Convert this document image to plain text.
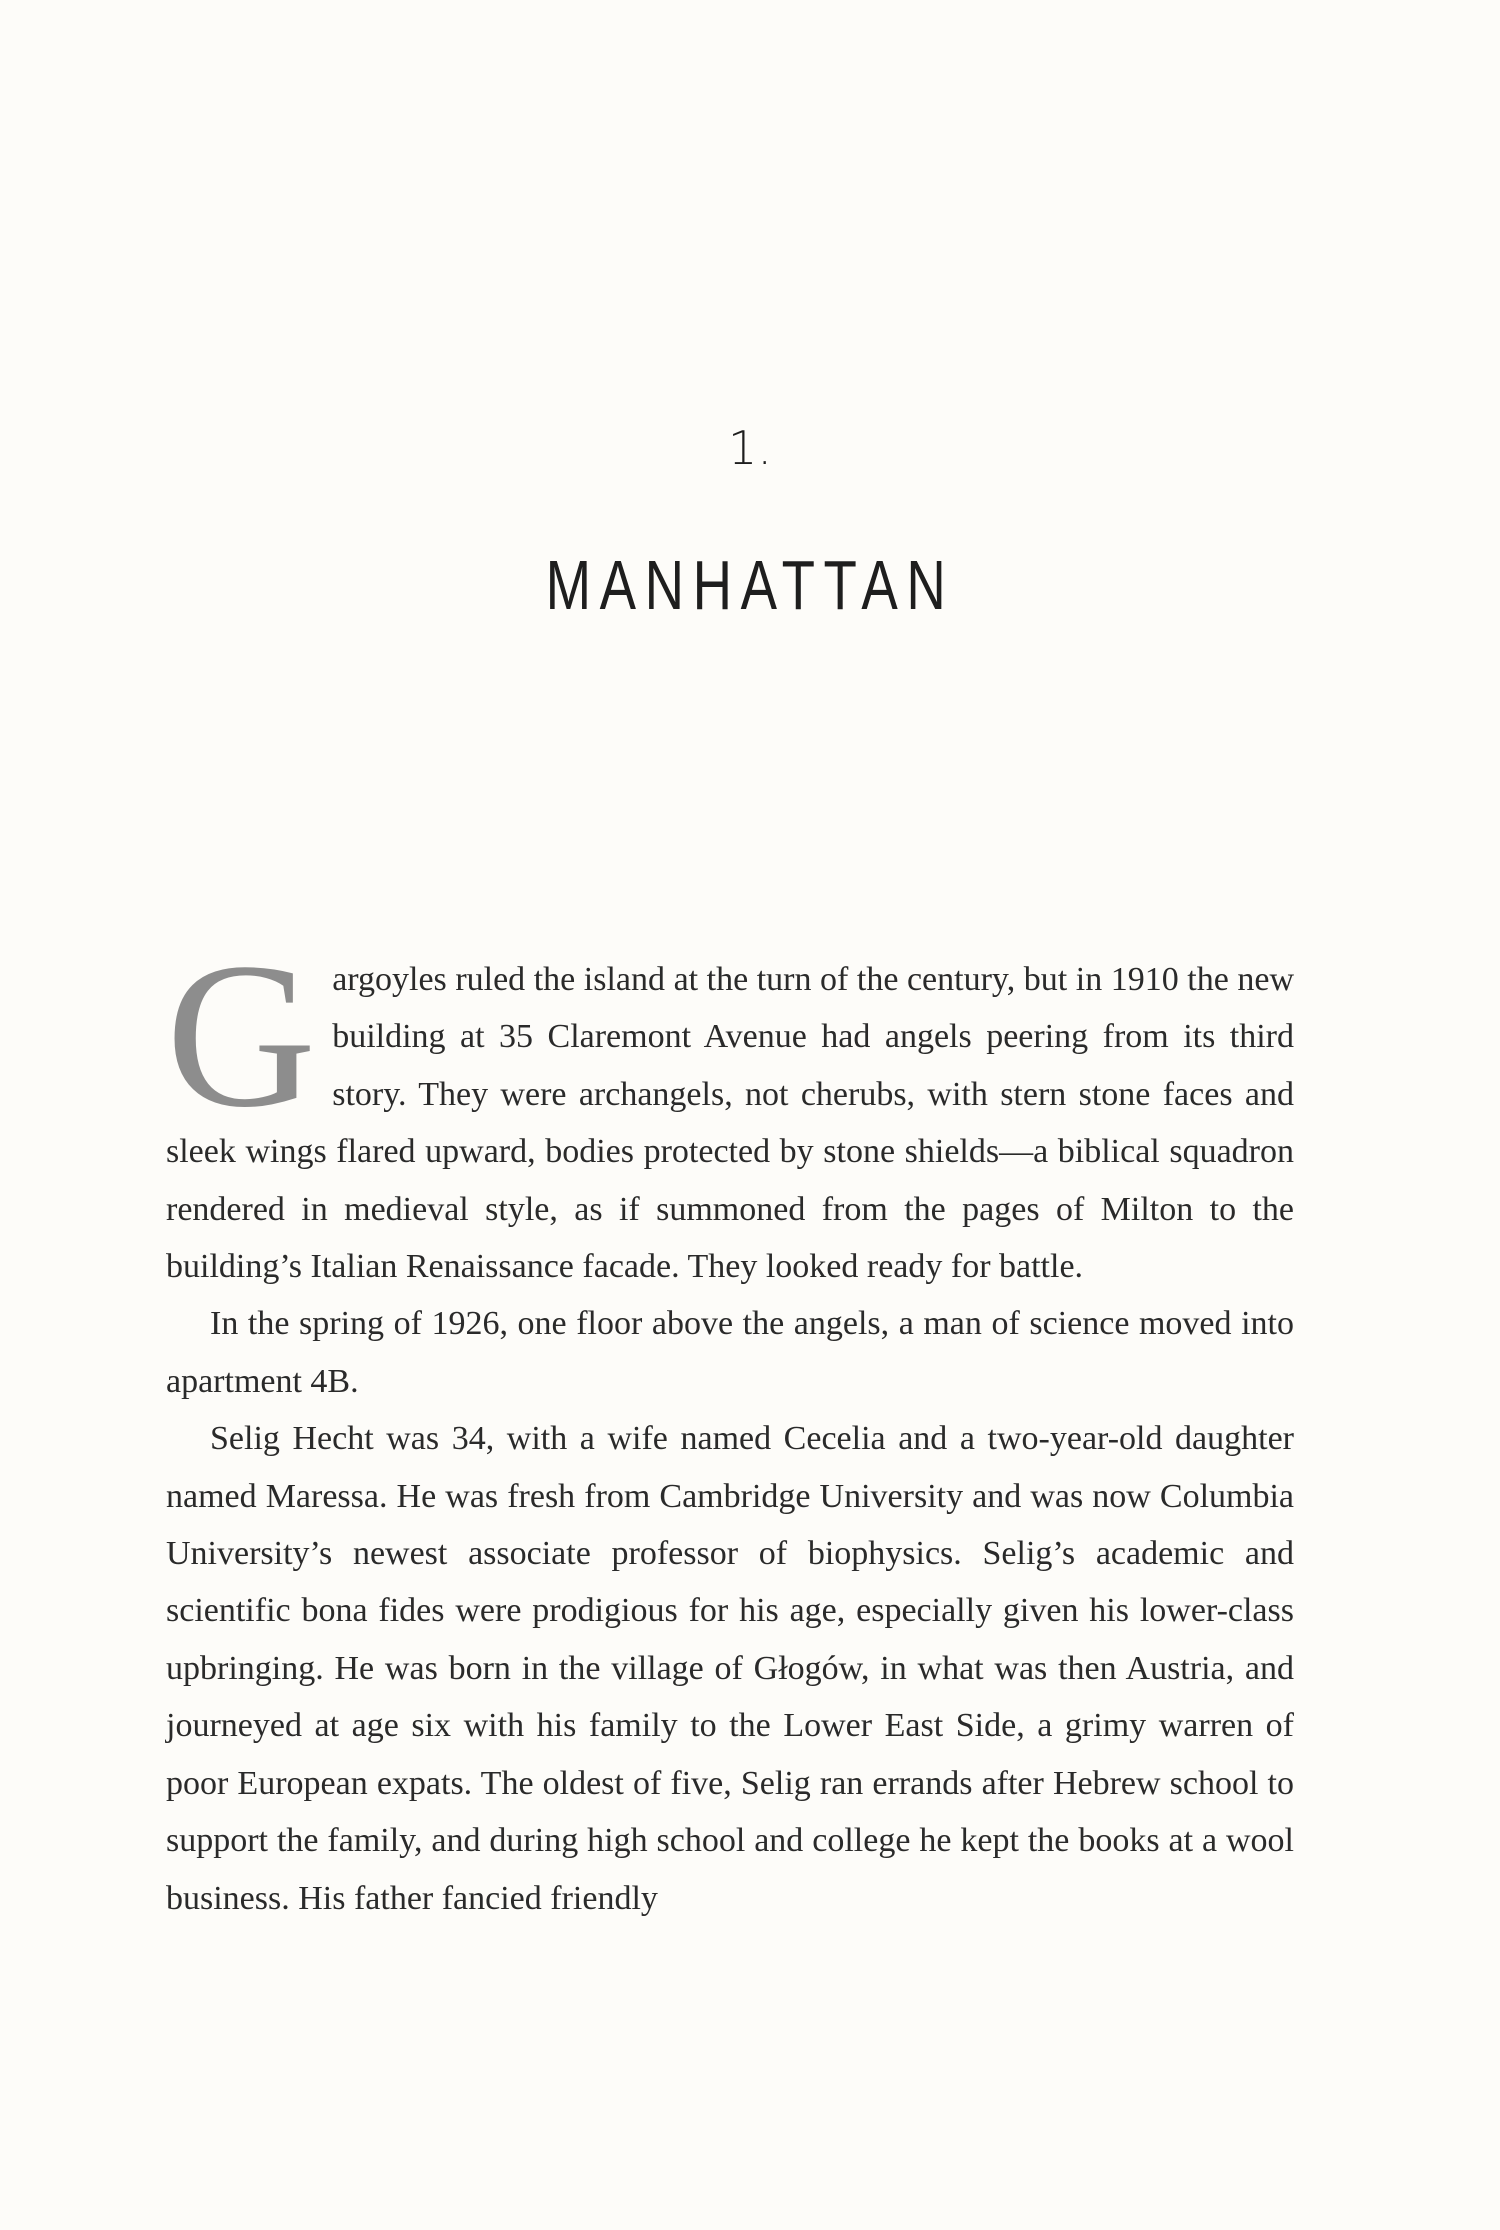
1.
MANHATTAN

Gargoyles ruled the island at the turn of the century, but in 1910 the new building at 35 Claremont Avenue had angels peering from its third story. They were archangels, not cherubs, with stern stone faces and sleek wings flared upward, bodies protected by stone shields—a biblical squadron rendered in medieval style, as if summoned from the pages of Milton to the building’s Italian Renaissance facade. They looked ready for battle.

In the spring of 1926, one floor above the angels, a man of science moved into apartment 4B.

Selig Hecht was 34, with a wife named Cecelia and a two-year-old daughter named Maressa. He was fresh from Cambridge University and was now Columbia University’s newest associate professor of biophysics. Selig’s academic and scientific bona fides were prodigious for his age, especially given his lower-class upbringing. He was born in the village of Głogów, in what was then Austria, and journeyed at age six with his family to the Lower East Side, a grimy warren of poor European expats. The oldest of five, Selig ran errands after Hebrew school to support the family, and during high school and college he kept the books at a wool business. His father fancied friendly
